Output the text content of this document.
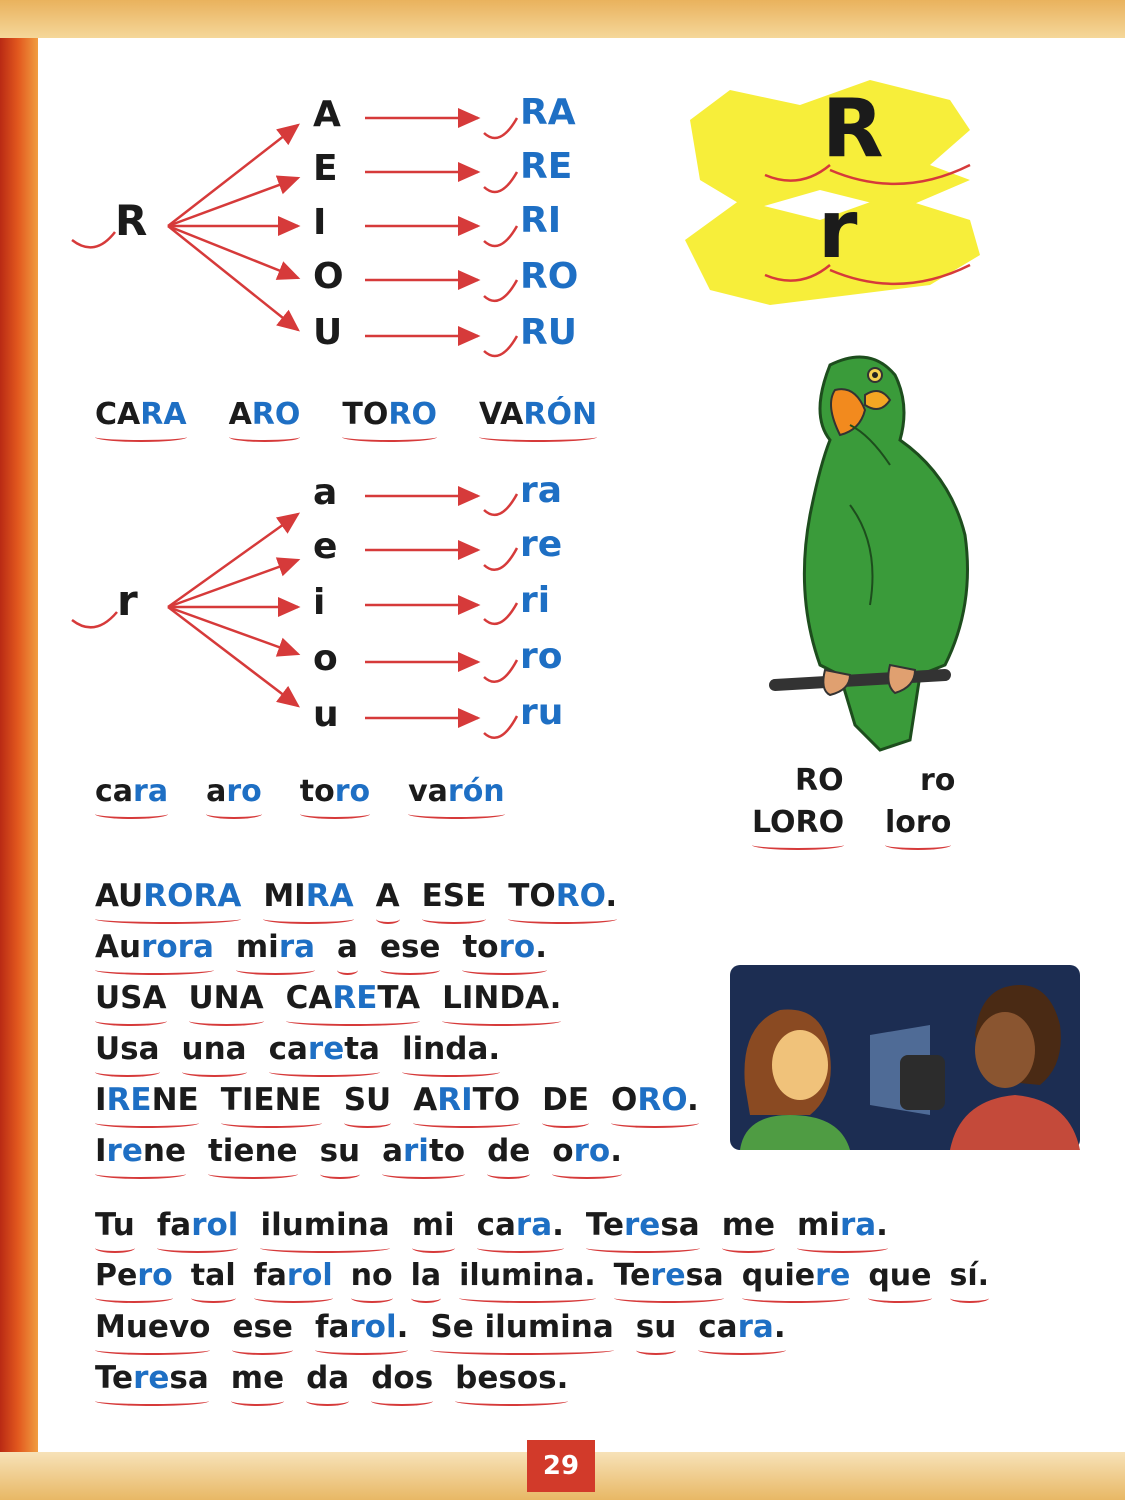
29
R
A
E
I
O
U
RA
RE
RI
RO
RU
CARA ARO TORO VARÓN
r
a
e
i
o
u
ra
re
ri
ro
ru
cara aro toro varón
R
r
RO	ro
LORO loro
AURORA MIRA A ESE TORO.
Aurora mira a ese toro.
USA UNA CARETA LINDA.
Usa una careta linda.
IRENE TIENE SU ARITO DE ORO.
Irene tiene su arito de oro.
Tu farol ilumina mi cara. Teresa me mira.
Pero tal farol no la ilumina. Teresa quiere que sí.
Muevo ese farol. Se ilumina su cara.
Teresa me da dos besos.
